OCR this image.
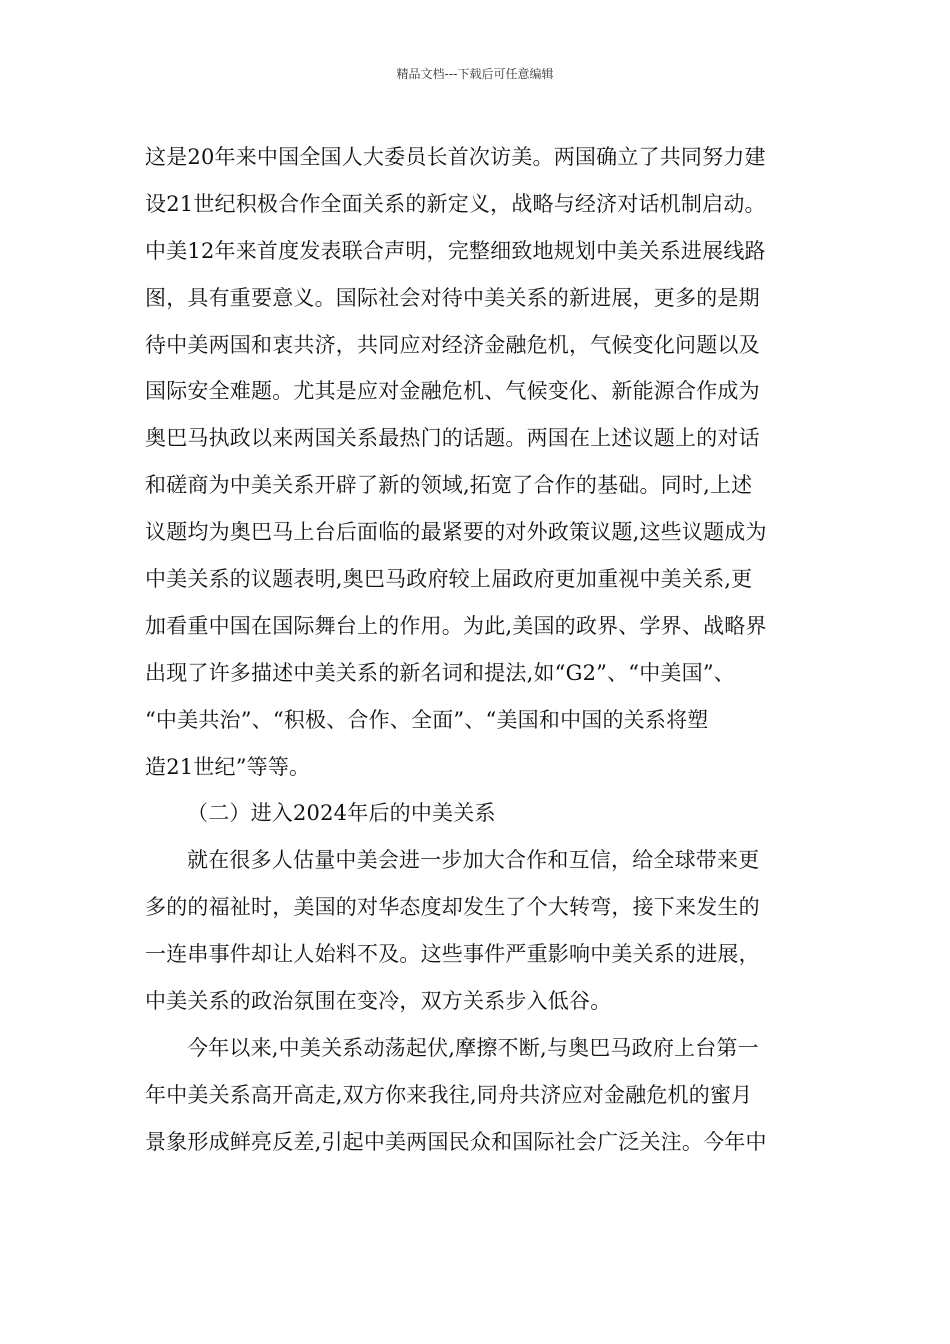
精品文档---下载后可任意编辑
这是20年来中国全国人大委员长首次访美。两国确立了共同努力建
设21世纪积极合作全面关系的新定义，战略与经济对话机制启动。
中美12年来首度发表联合声明，完整细致地规划中美关系进展线路
图，具有重要意义。国际社会对待中美关系的新进展，更多的是期
待中美两国和衷共济，共同应对经济金融危机，气候变化问题以及
国际安全难题。尤其是应对金融危机、气候变化、新能源合作成为
奥巴马执政以来两国关系最热门的话题。两国在上述议题上的对话
和磋商为中美关系开辟了新的领域,拓宽了合作的基础。同时,上述
议题均为奥巴马上台后面临的最紧要的对外政策议题,这些议题成为
中美关系的议题表明,奥巴马政府较上届政府更加重视中美关系,更
加看重中国在国际舞台上的作用。为此,美国的政界、学界、战略界
出现了许多描述中美关系的新名词和提法,如“G2”、“中美国”、
“中美共治”、“积极、合作、全面”、“美国和中国的关系将塑
造21世纪”等等。
（二）进入2024年后的中美关系
就在很多人估量中美会进一步加大合作和互信，给全球带来更
多的的福祉时，美国的对华态度却发生了个大转弯，接下来发生的
一连串事件却让人始料不及。这些事件严重影响中美关系的进展，
中美关系的政治氛围在变冷，双方关系步入低谷。
今年以来,中美关系动荡起伏,摩擦不断,与奥巴马政府上台第一
年中美关系高开高走,双方你来我往,同舟共济应对金融危机的蜜月
景象形成鲜亮反差,引起中美两国民众和国际社会广泛关注。今年中
